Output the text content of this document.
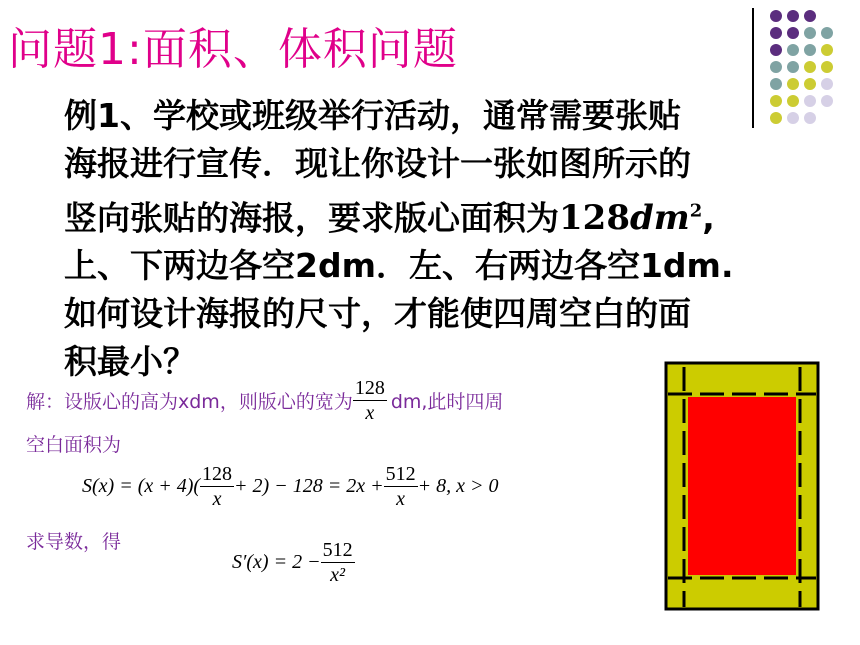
问题1:面积、体积问题
例1、学校或班级举行活动，通常需要张贴
海报进行宣传．现让你设计一张如图所示的
竖向张贴的海报，要求版心面积为$128dm^2$,
上、下两边各空2dm．左、右两边各空1dm.
如何设计海报的尺寸，才能使四周空白的面
积最小？
解：设版心的高为xdm，则版心的宽为 $\frac{128}{x}$ dm,此时四周
空白面积为
$S(x) = (x + 4)( \frac{128}{x} + 2) - 128 = 2x + \frac{512}{x} + 8$, x > 0
求导数，得
$S'(x) = 2 - \frac{512}{\text{x²}}$
